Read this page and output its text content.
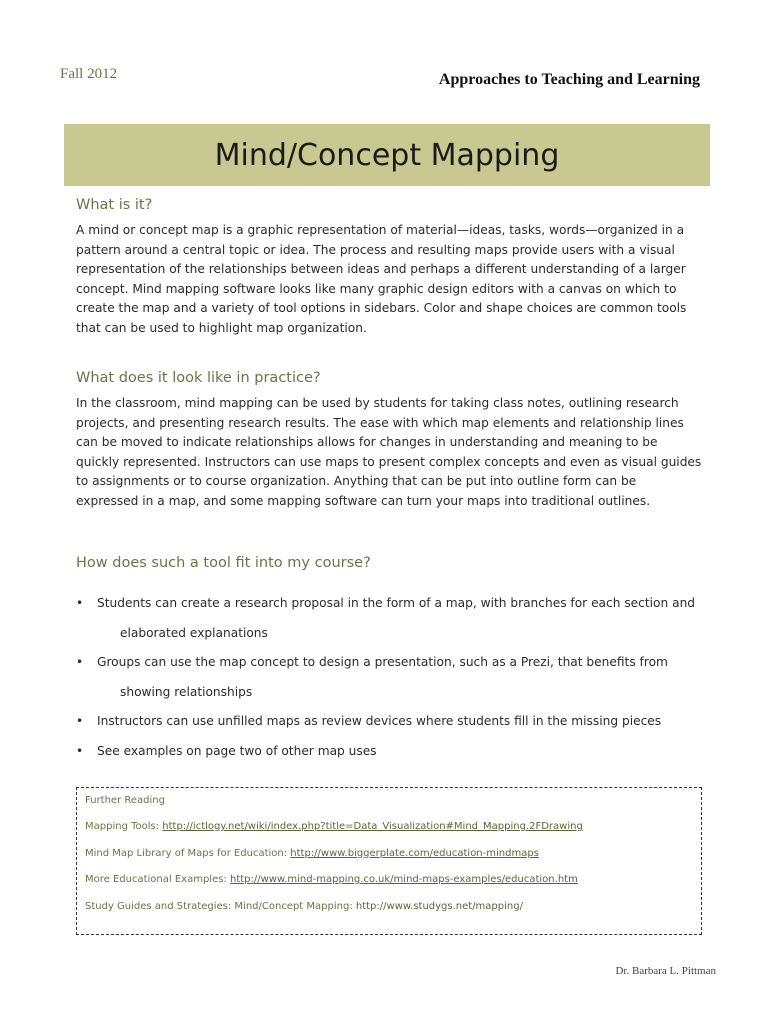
Fall 2012	Approaches to Teaching and Learning
Mind/Concept Mapping
What is it?

A mind or concept map is a graphic representation of material—ideas, tasks, words—organized in a pattern around a central topic or idea. The process and resulting maps provide users with a visual representation of the relationships between ideas and perhaps a different understanding of a larger concept. Mind mapping software looks like many graphic design editors with a canvas on which to create the map and a variety of tool options in sidebars. Color and shape choices are common tools that can be used to highlight map organization.

What does it look like in practice?

In the classroom, mind mapping can be used by students for taking class notes, outlining research projects, and presenting research results. The ease with which map elements and relationship lines can be moved to indicate relationships allows for changes in understanding and meaning to be quickly represented. Instructors can use maps to present complex concepts and even as visual guides to assignments or to course organization. Anything that can be put into outline form can be expressed in a map, and some mapping software can turn your maps into traditional outlines.

How does such a tool fit into my course?
• Students can create a research proposal in the form of a map, with branches for each section and
elaborated explanations
• Groups can use the map concept to design a presentation, such as a Prezi, that benefits from
showing relationships
• Instructors can use unfilled maps as review devices where students fill in the missing pieces
• See examples on page two of other map uses
Further Reading
Mapping Tools: http://ictlogy.net/wiki/index.php?title=Data_Visualization#Mind_Mapping.2FDrawing
Mind Map Library of Maps for Education: http://www.biggerplate.com/education-mindmaps
More Educational Examples: http://www.mind-mapping.co.uk/mind-maps-examples/education.htm
Study Guides and Strategies: Mind/Concept Mapping: http://www.studygs.net/mapping/
Dr. Barbara L. Pittman
